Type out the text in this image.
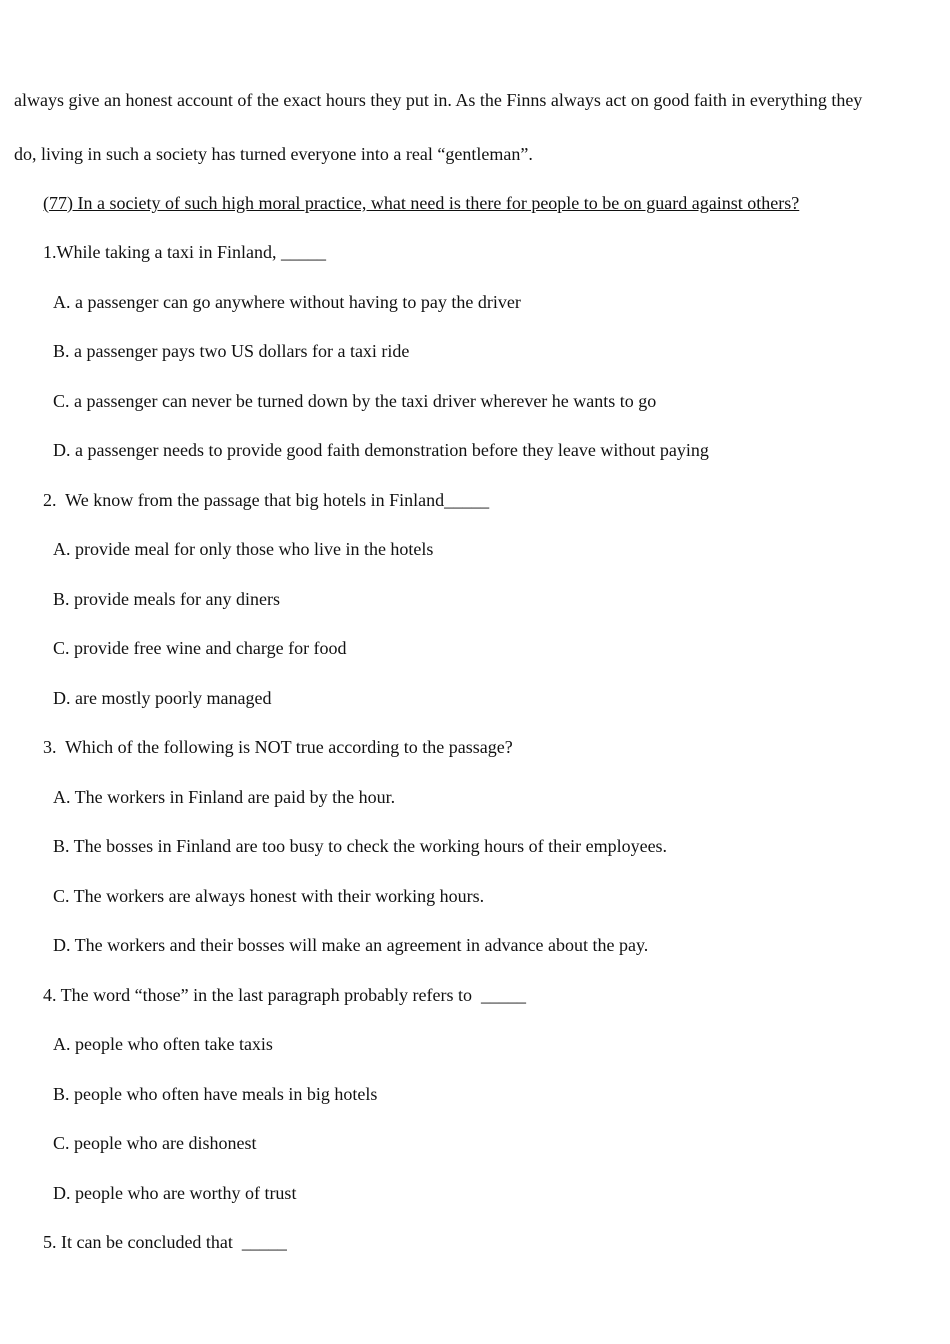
always give an honest account of the exact hours they put in. As the Finns always act on good faith in everything they
do, living in such a society has turned everyone into a real “gentleman”.
(77) In a society of such high moral practice, what need is there for people to be on guard against others?
1.While taking a taxi in Finland, _____
A. a passenger can go anywhere without having to pay the driver
B. a passenger pays two US dollars for a taxi ride
C. a passenger can never be turned down by the taxi driver wherever he wants to go
D. a passenger needs to provide good faith demonstration before they leave without paying
2.  We know from the passage that big hotels in Finland_____
A. provide meal for only those who live in the hotels
B. provide meals for any diners
C. provide free wine and charge for food
D. are mostly poorly managed
3.  Which of the following is NOT true according to the passage?
A. The workers in Finland are paid by the hour.
B. The bosses in Finland are too busy to check the working hours of their employees.
C. The workers are always honest with their working hours.
D. The workers and their bosses will make an agreement in advance about the pay.
4. The word “those” in the last paragraph probably refers to  _____
A. people who often take taxis
B. people who often have meals in big hotels
C. people who are dishonest
D. people who are worthy of trust
5. It can be concluded that  _____
